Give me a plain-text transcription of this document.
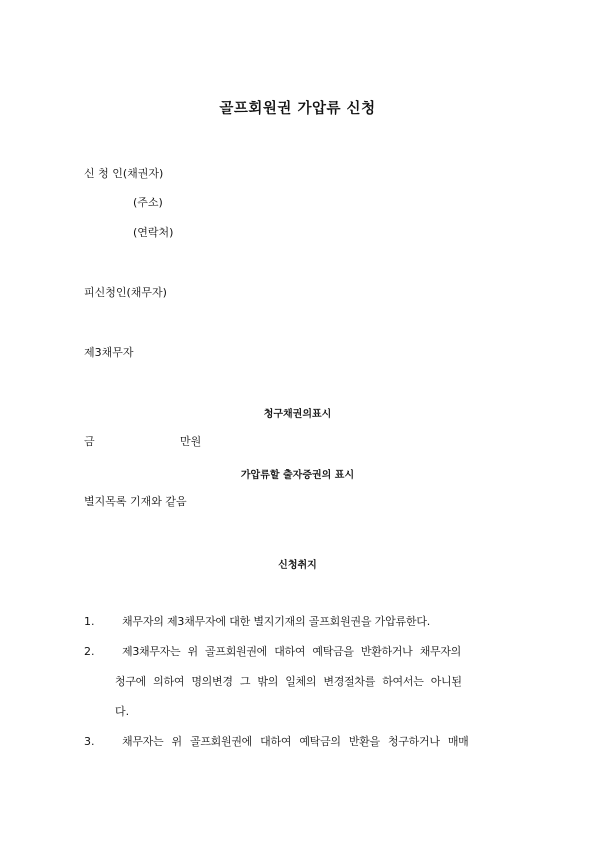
골프회원권 가압류 신청
신 청 인(채권자)
(주소)
(연락처)
피신청인(채무자)
제3채무자
청구채권의표시
금	만원
가압류할 출자증권의 표시
별지목록 기재와 같음
신청취지
1.	채무자의 제3채무자에 대한 별지기재의 골프회원권을 가압류한다.
2.	제3채무자는 위 골프회원권에 대하여 예탁금을 반환하거나 채무자의
청구에 의하여 명의변경 그 밖의 일체의 변경절차를 하여서는 아니된
다.
3.	채무자는 위 골프회원권에 대하여 예탁금의 반환을 청구하거나 매매
